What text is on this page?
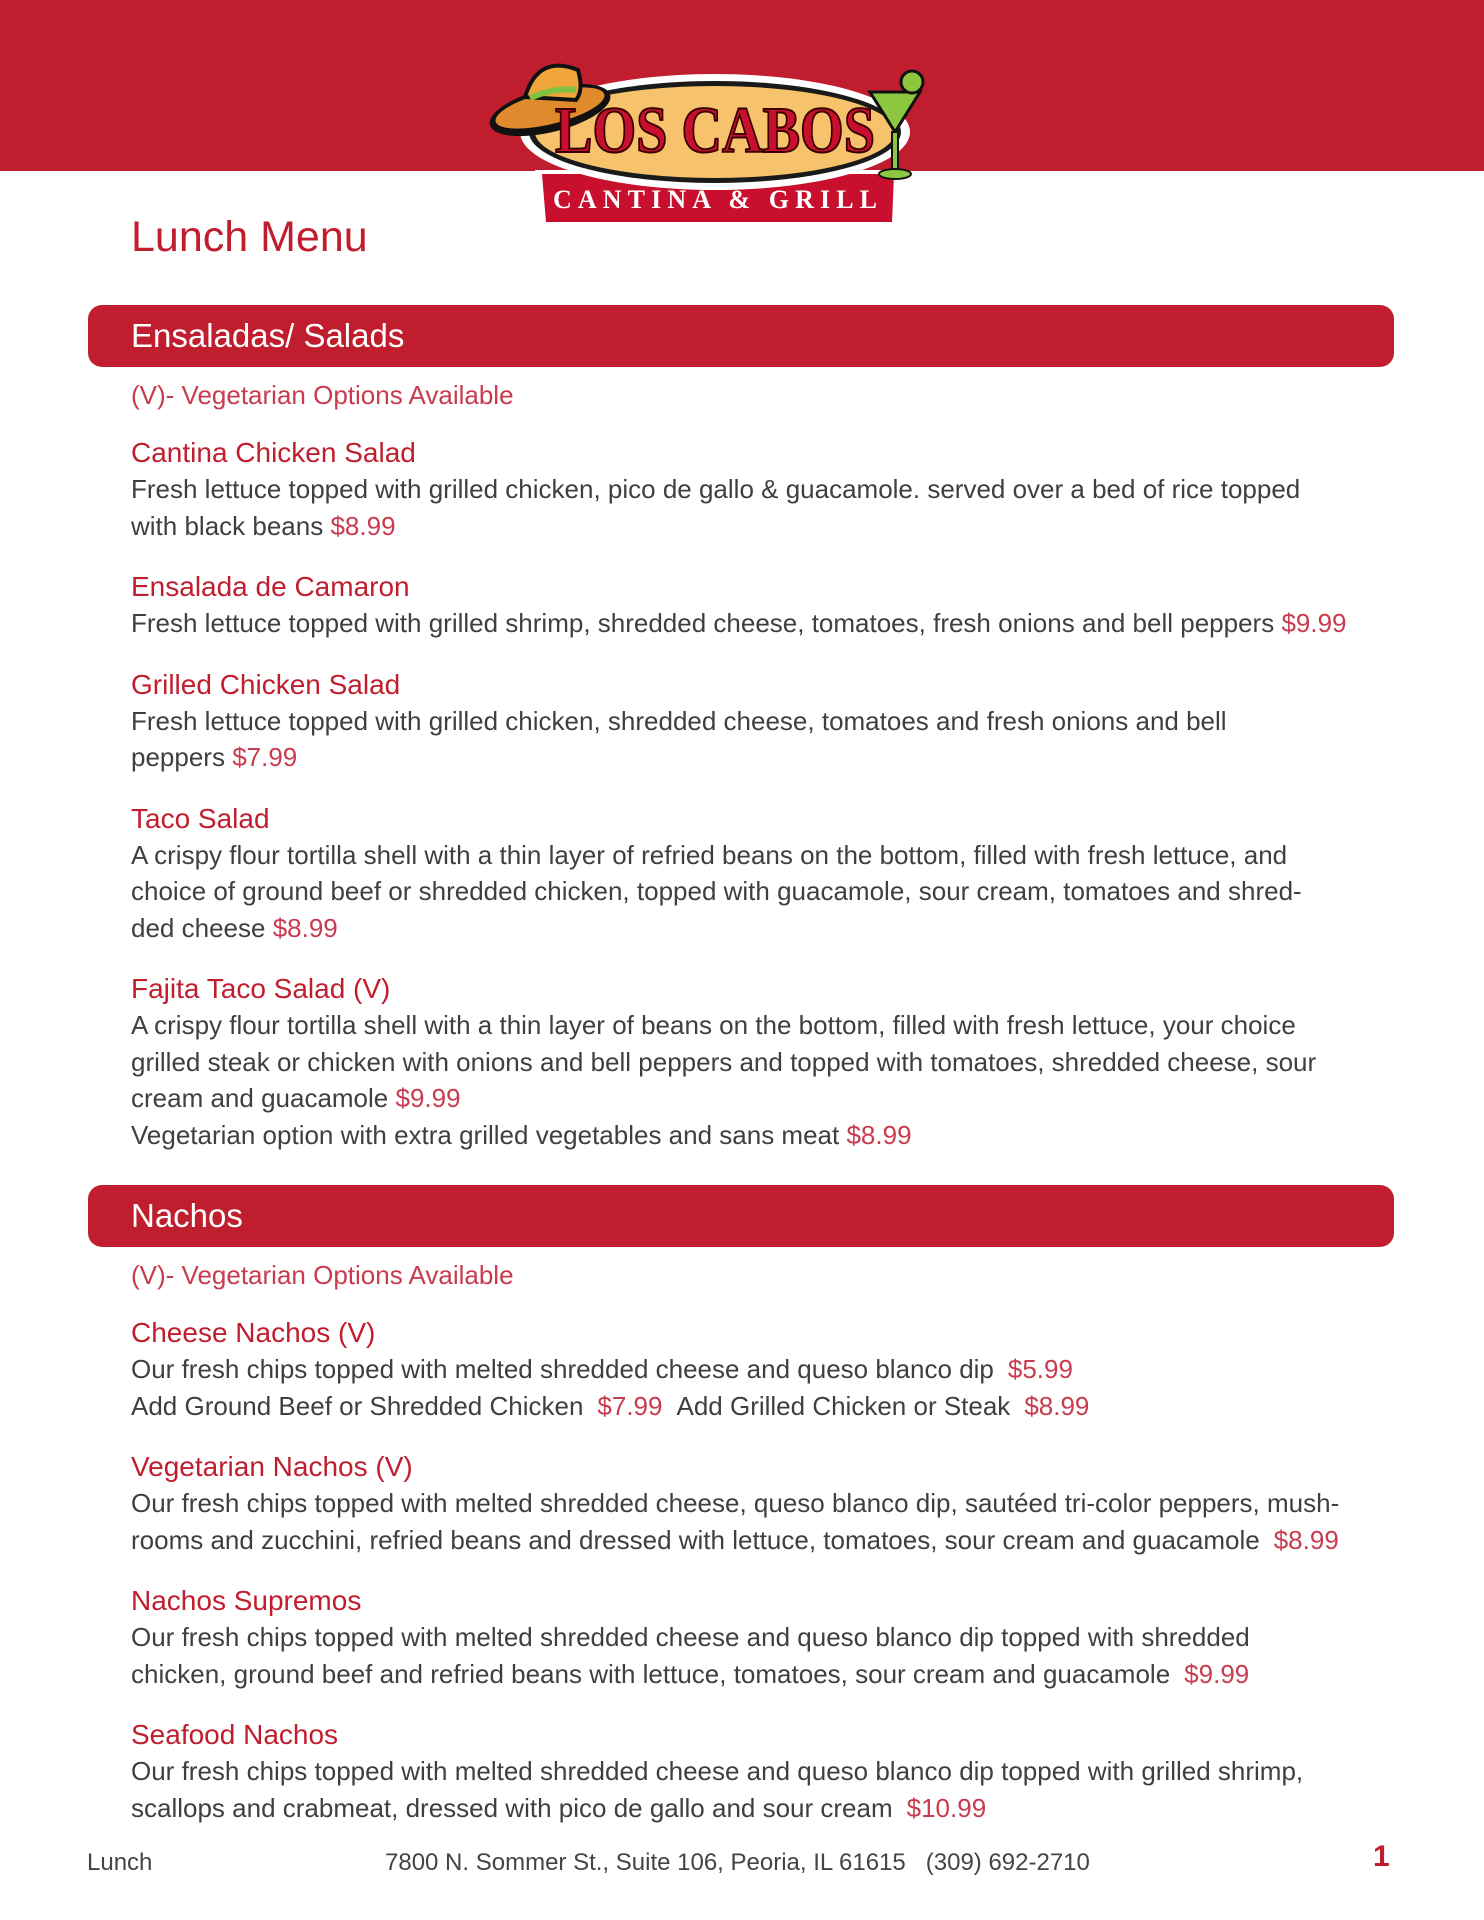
LOS CABOS
CANTINA & GRILL
Lunch Menu
Ensaladas/ Salads
(V)- Vegetarian Options Available
Cantina Chicken Salad
Fresh lettuce topped with grilled chicken, pico de gallo & guacamole. served over a bed of rice topped
with black beans $8.99
Ensalada de Camaron
Fresh lettuce topped with grilled shrimp, shredded cheese, tomatoes, fresh onions and bell peppers $9.99
Grilled Chicken Salad
Fresh lettuce topped with grilled chicken, shredded cheese, tomatoes and fresh onions and bell
peppers $7.99
Taco Salad
A crispy flour tortilla shell with a thin layer of refried beans on the bottom, filled with fresh lettuce, and
choice of ground beef or shredded chicken, topped with guacamole, sour cream, tomatoes and shred-
ded cheese $8.99
Fajita Taco Salad (V)
A crispy flour tortilla shell with a thin layer of beans on the bottom, filled with fresh lettuce, your choice
grilled steak or chicken with onions and bell peppers and topped with tomatoes, shredded cheese, sour
cream and guacamole $9.99
Vegetarian option with extra grilled vegetables and sans meat $8.99
Nachos
(V)- Vegetarian Options Available
Cheese Nachos (V)
Our fresh chips topped with melted shredded cheese and queso blanco dip $5.99
Add Ground Beef or Shredded Chicken $7.99 Add Grilled Chicken or Steak $8.99
Vegetarian Nachos (V)
Our fresh chips topped with melted shredded cheese, queso blanco dip, sautéed tri-color peppers, mush-
rooms and zucchini, refried beans and dressed with lettuce, tomatoes, sour cream and guacamole $8.99
Nachos Supremos
Our fresh chips topped with melted shredded cheese and queso blanco dip topped with shredded
chicken, ground beef and refried beans with lettuce, tomatoes, sour cream and guacamole $9.99
Seafood Nachos
Our fresh chips topped with melted shredded cheese and queso blanco dip topped with grilled shrimp,
scallops and crabmeat, dressed with pico de gallo and sour cream $10.99
Lunch	7800 N. Sommer St., Suite 106, Peoria, IL 61615   (309) 692-2710	1
